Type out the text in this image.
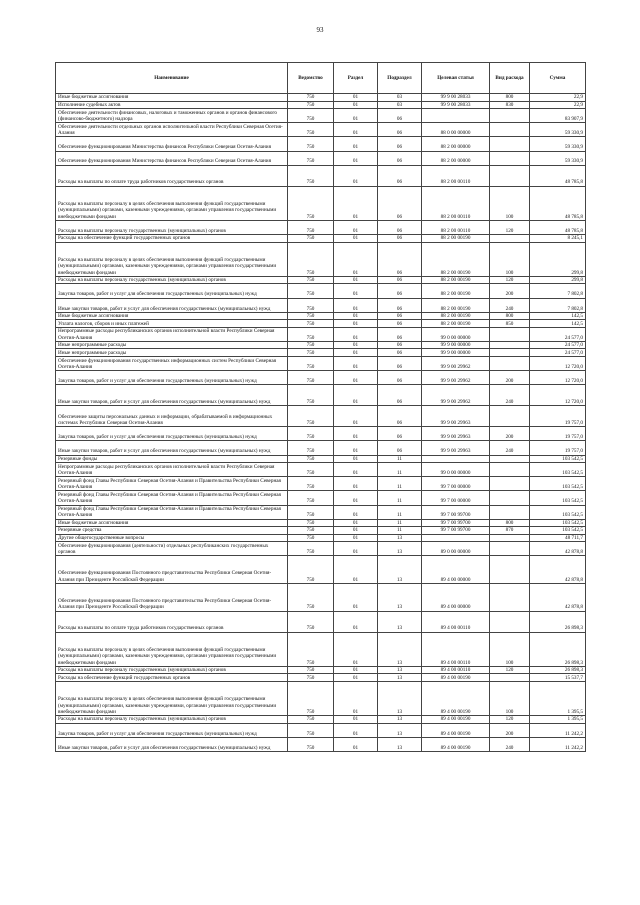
93
Наименование	Ведомство	Раздел	Подраздел	Целевая статья	Вид расхода	Сумма
Иные бюджетные ассигнования	750	01	03	99 9 00 28033	800	22,9
Исполнение судебных актов	750	01	03	99 9 00 28033	830	22,9
Обеспечение деятельности финансовых, налоговых и таможенных органов и органов финансового (финансово-бюджетного) надзора	750	01	06			83 907,9
Обеспечение деятельности отдельных органов исполнительной власти Республики Северная Осетия-Алания	750	01	06	88 0 00 00000		59 330,9
Обеспечение функционирования Министерства финансов Республики Северная Осетия-Алания	750	01	06	88 2 00 00000		59 330,9
Обеспечение функционирования Министерства финансов Республики Северная Осетия-Алания	750	01	06	88 2 00 00000		59 330,9
Расходы на выплаты по оплате труда работников государственных органов	750	01	06	88 2 00 00110		48 785,8
Расходы на выплаты персоналу в целях обеспечения выполнения функций государственными (муниципальными) органами, казенными учреждениями, органами управления государственными внебюджетными фондами	750	01	06	88 2 00 00110	100	48 785,8
Расходы на выплаты персоналу государственных (муниципальных) органов	750	01	06	88 2 00 00110	120	48 785,8
Расходы на обеспечение функций государственных органов	750	01	06	88 2 00 00190		8 245,1
Расходы на выплаты персоналу в целях обеспечения выполнения функций государственными (муниципальными) органами, казенными учреждениями, органами управления государственными внебюджетными фондами	750	01	06	88 2 00 00190	100	299,8
Расходы на выплаты персоналу государственных (муниципальных) органов	750	01	06	88 2 00 00190	120	299,8
Закупка товаров, работ и услуг для обеспечения государственных (муниципальных) нужд	750	01	06	88 2 00 00190	200	7 802,8
Иные закупки товаров, работ и услуг для обеспечения государственных (муниципальных) нужд	750	01	06	88 2 00 00190	240	7 802,8
Иные бюджетные ассигнования	750	01	06	88 2 00 00190	800	142,5
Уплата налогов, сборов и иных платежей	750	01	06	88 2 00 00190	850	142,5
Непрограммные расходы республиканских органов исполнительной власти Республики Северная Осетия-Алания	750	01	06	99 0 00 00000		24 577,0
Иные непрограммные расходы	750	01	06	99 9 00 00000		24 577,0
Иные непрограммные расходы	750	01	06	99 9 00 00000		24 577,0
Обеспечение функционирования государственных информационных систем Республики Северная Осетия-Алания	750	01	06	99 9 00 29962		12 720,0
Закупка товаров, работ и услуг для обеспечения государственных (муниципальных) нужд	750	01	06	99 9 00 29962	200	12 720,0
Иные закупки товаров, работ и услуг для обеспечения государственных (муниципальных) нужд	750	01	06	99 9 00 29962	240	12 720,0
Обеспечение защиты персональных данных и информации, обрабатываемой в информационных системах Республики Северная Осетия-Алания	750	01	06	99 9 00 29963		19 757,0
Закупка товаров, работ и услуг для обеспечения государственных (муниципальных) нужд	750	01	06	99 9 00 29963	200	19 757,0
Иные закупки товаров, работ и услуг для обеспечения государственных (муниципальных) нужд	750	01	06	99 9 00 29963	240	19 757,0
Резервные фонды	750	01	11			103 542,5
Непрограммные расходы республиканских органов исполнительной власти Республики Северная Осетия-Алания	750	01	11	99 0 00 00000		103 542,5
Резервный фонд Главы Республики Северная Осетия-Алания и Правительства Республики Северная Осетия-Алания	750	01	11	99 7 00 00000		103 542,5
Резервный фонд Главы Республики Северная Осетия-Алания и Правительства Республики Северная Осетия-Алания	750	01	11	99 7 00 00000		103 542,5
Резервный фонд Главы Республики Северная Осетия-Алания и Правительства Республики Северная Осетия-Алания	750	01	11	99 7 00 99700		103 542,5
Иные бюджетные ассигнования	750	01	11	99 7 00 99700	800	103 542,5
Резервные средства	750	01	11	99 7 00 99700	870	103 542,5
Другие общегосударственные вопросы	750	01	13			48 711,7
Обеспечение функционирования (деятельности) отдельных республиканских государственных органов	750	01	13	89 0 00 00000		42 878,8
Обеспечение функционирования Постоянного представительства Республики Северная Осетия-Алания при Президенте Российской Федерации	750	01	13	89 4 00 00000		42 878,8
Обеспечение функционирования Постоянного представительства Республики Северная Осетия-Алания при Президенте Российской Федерации	750	01	13	89 4 00 00000		42 878,8
Расходы на выплаты по оплате труда работников государственных органов	750	01	13	89 4 00 00110		26 898,3
Расходы на выплаты персоналу в целях обеспечения выполнения функций государственными (муниципальными) органами, казенными учреждениями, органами управления государственными внебюджетными фондами	750	01	13	89 4 00 00110	100	26 898,3
Расходы на выплаты персоналу государственных (муниципальных) органов	750	01	13	89 4 00 00110	120	26 898,3
Расходы на обеспечение функций государственных органов	750	01	13	89 4 00 00190		15 537,7
Расходы на выплаты персоналу в целях обеспечения выполнения функций государственными (муниципальными) органами, казенными учреждениями, органами управления государственными внебюджетными фондами	750	01	13	89 4 00 00190	100	1 395,5
Расходы на выплаты персоналу государственных (муниципальных) органов	750	01	13	89 4 00 00190	120	1 395,5
Закупка товаров, работ и услуг для обеспечения государственных (муниципальных) нужд	750	01	13	89 4 00 00190	200	11 242,2
Иные закупки товаров, работ и услуг для обеспечения государственных (муниципальных) нужд	750	01	13	89 4 00 00190	240	11 242,2
